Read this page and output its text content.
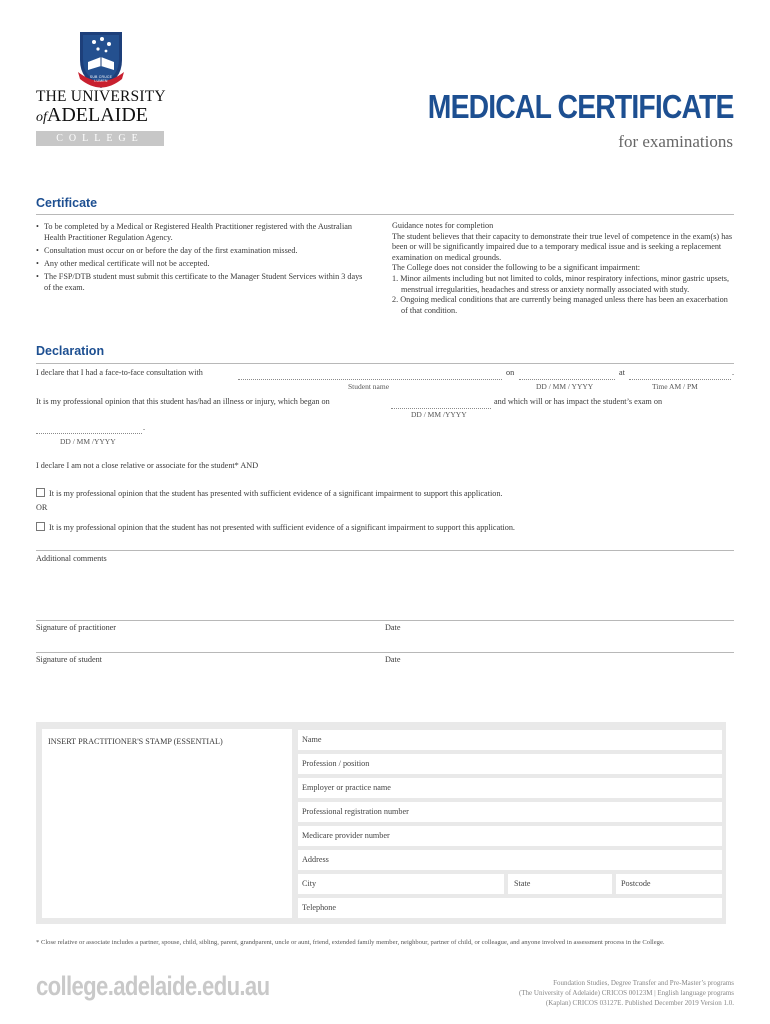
SUB CRUCE LUMEN
THE UNIVERSITY
ofADELAIDE
COLLEGE
MEDICAL CERTIFICATE
for examinations
Certificate
• To be completed by a Medical or Registered Health Practitioner registered with the Australian Health Practitioner Regulation Agency.
• Consultation must occur on or before the day of the first examination missed.
• Any other medical certificate will not be accepted.
• The FSP/DTB student must submit this certificate to the Manager Student Services within 3 days of the exam.
Guidance notes for completion
The student believes that their capacity to demonstrate their true level of competence in the exam(s) has been or will be significantly impaired due to a temporary medical issue and is seeking a replacement examination on medical grounds.
The College does not consider the following to be a significant impairment:
1. Minor ailments including but not limited to colds, minor respiratory infections, minor gastric upsets, menstrual irregularities, headaches and stress or anxiety normally associated with study.
2. Ongoing medical conditions that are currently being managed unless there has been an exacerbation of that condition.
Declaration
I declare that I had a face-to-face consultation with	on	at	.
Student name	DD / MM / YYYY	Time AM / PM
It is my professional opinion that this student has/had an illness or injury, which began on	and which will or has impact the student’s exam on
DD / MM /YYYY
.
DD / MM /YYYY
I declare I am not a close relative or associate for the student* AND
It is my professional opinion that the student has presented with sufficient evidence of a significant impairment to support this application.
OR
It is my professional opinion that the student has not presented with sufficient evidence of a significant impairment to support this application.
Additional comments
Signature of practitioner	Date
Signature of student	Date
INSERT PRACTITIONER'S STAMP (ESSENTIAL)	Name
Profession / position
Employer or practice name
Professional registration number
Medicare provider number
Address
City	State	Postcode
Telephone
* Close relative or associate includes a partner, spouse, child, sibling, parent, grandparent, uncle or aunt, friend, extended family member, neighbour, partner of child, or colleague, and anyone involved in assessment process in the College.
college.adelaide.edu.au	Foundation Studies, Degree Transfer and Pre-Master’s programs
(The University of Adelaide) CRICOS 00123M | English language programs
(Kaplan) CRICOS 03127E. Published December 2019 Version 1.0.
